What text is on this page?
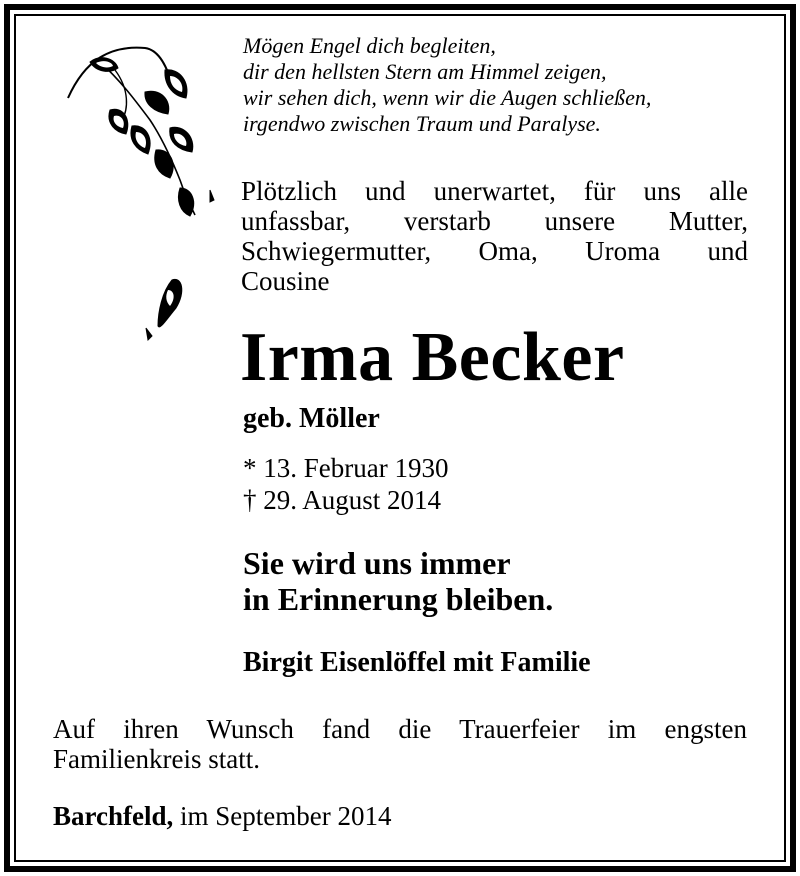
Mögen Engel dich begleiten,
dir den hellsten Stern am Himmel zeigen,
wir sehen dich, wenn wir die Augen schließen,
irgendwo zwischen Traum und Paralyse.
Plötzlich und unerwartet, für uns alle
unfassbar, verstarb unsere Mutter,
Schwiegermutter, Oma, Uroma und
Cousine
Irma Becker
geb. Möller
* 13. Februar 1930
† 29. August 2014
Sie wird uns immer
in Erinnerung bleiben.
Birgit Eisenlöffel mit Familie
Auf ihren Wunsch fand die Trauerfeier im engsten
Familienkreis statt.
Barchfeld, im September 2014
